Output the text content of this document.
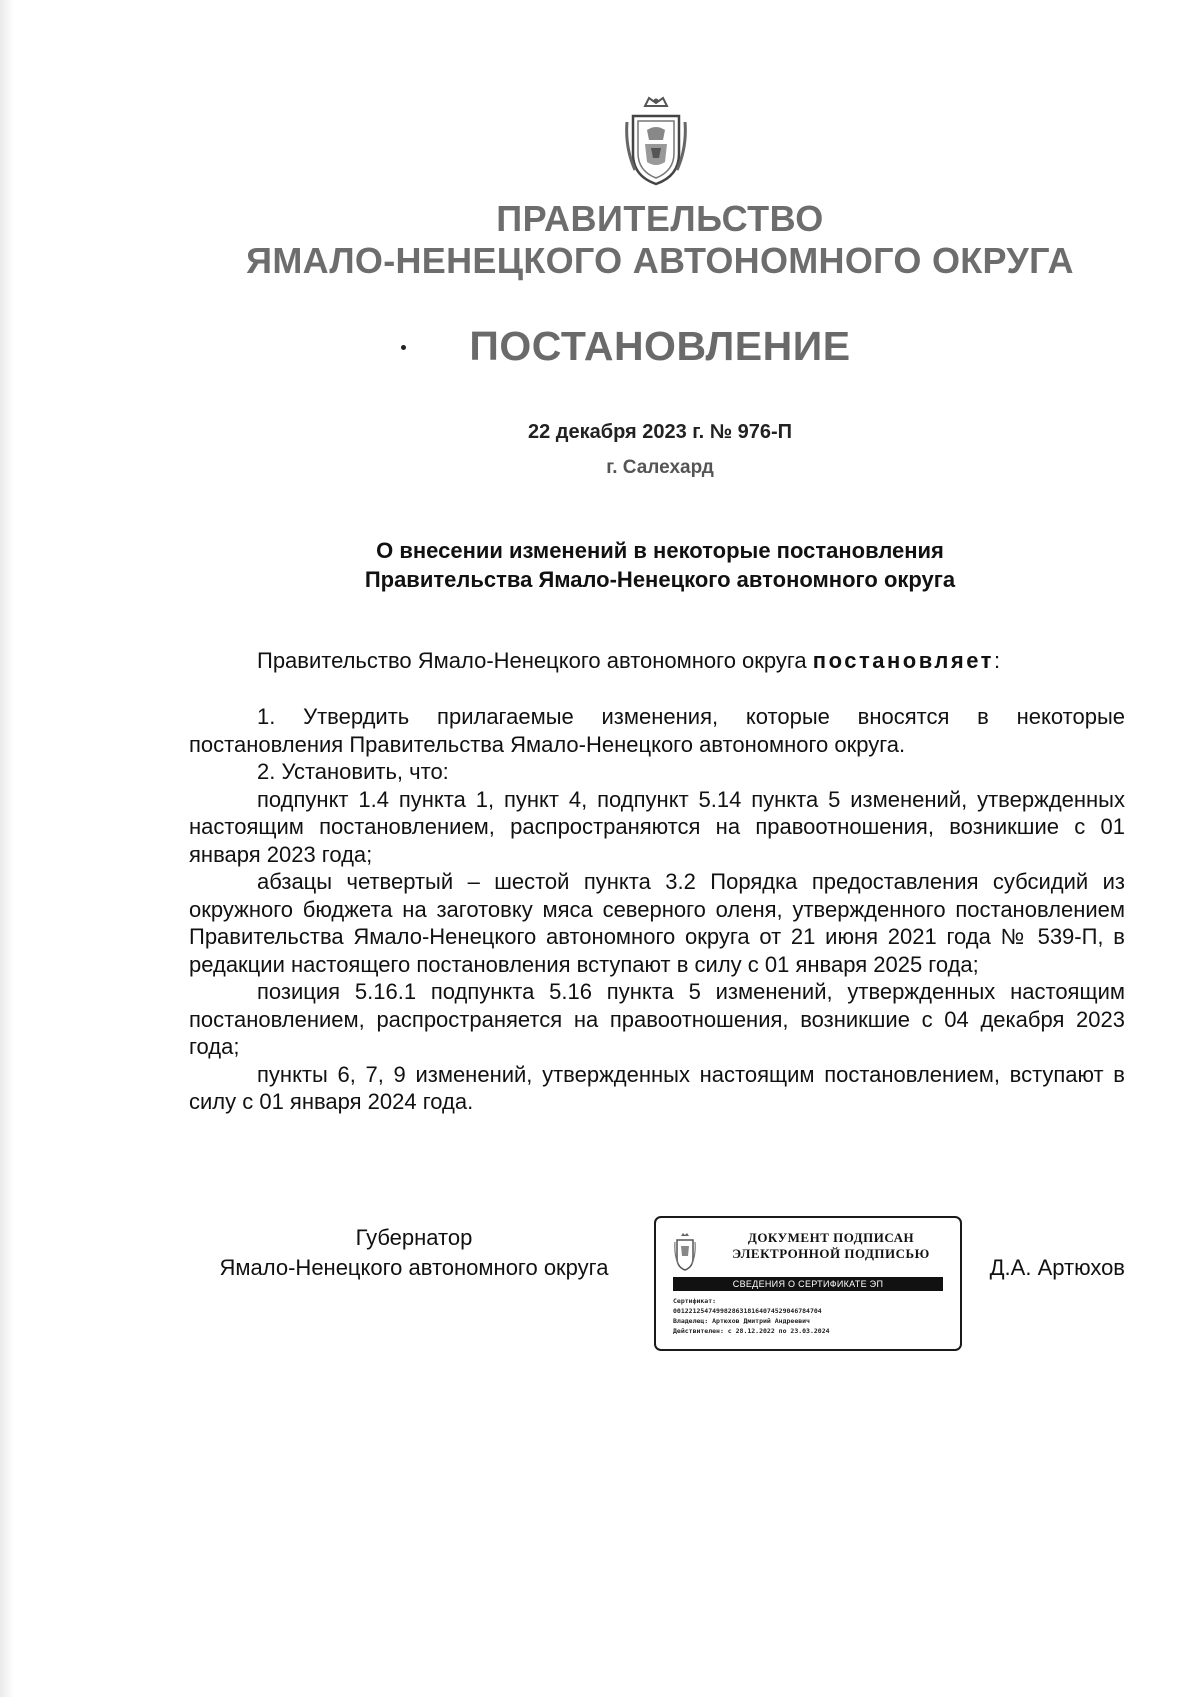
ПРАВИТЕЛЬСТВО
ЯМАЛО-НЕНЕЦКОГО АВТОНОМНОГО ОКРУГА
ПОСТАНОВЛЕНИЕ
22 декабря 2023 г. № 976-П
г. Салехард
О внесении изменений в некоторые постановления
Правительства Ямало-Ненецкого автономного округа
Правительство Ямало-Ненецкого автономного округа постановляет:

1. Утвердить прилагаемые изменения, которые вносятся в некоторые постановления Правительства Ямало-Ненецкого автономного округа.

2. Установить, что:

подпункт 1.4 пункта 1, пункт 4, подпункт 5.14 пункта 5 изменений, утвержденных настоящим постановлением, распространяются на правоотношения, возникшие с 01 января 2023 года;

абзацы четвертый – шестой пункта 3.2 Порядка предоставления субсидий из окружного бюджета на заготовку мяса северного оленя, утвержденного постановлением Правительства Ямало-Ненецкого автономного округа от 21 июня 2021 года № 539-П, в редакции настоящего постановления вступают в силу с 01 января 2025 года;

позиция 5.16.1 подпункта 5.16 пункта 5 изменений, утвержденных настоящим постановлением, распространяется на правоотношения, возникшие с 04 декабря 2023 года;

пункты 6, 7, 9 изменений, утвержденных настоящим постановлением, вступают в силу с 01 января 2024 года.

Губернатор
Ямало-Ненецкого автономного округа	Д.А. Артюхов
ДОКУМЕНТ ПОДПИСАН
ЭЛЕКТРОННОЙ ПОДПИСЬЮ
СВЕДЕНИЯ О СЕРТИФИКАТЕ ЭП
Сертификат:
00122125474998286318164074529046784704
Владелец: Артюхов Дмитрий Андреевич
Действителен: с 28.12.2022 по 23.03.2024
